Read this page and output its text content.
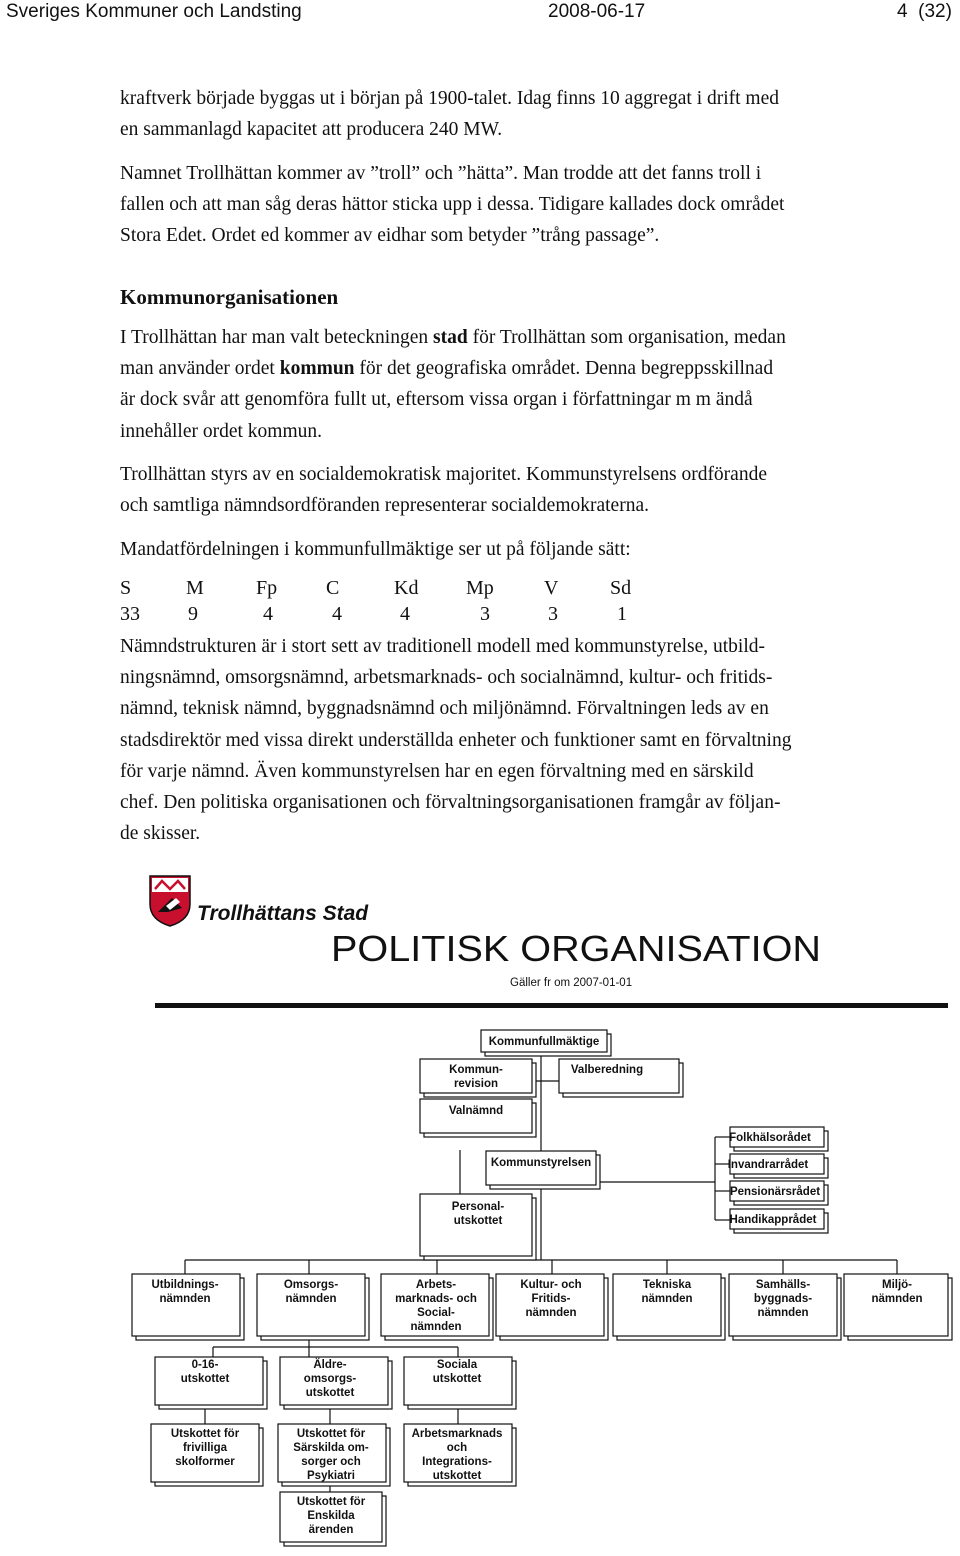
Sveriges Kommuner och Landsting	2008-06-17	4 (32)
kraftverk började byggas ut i början på 1900-talet. Idag finns 10 aggregat i drift med
en sammanlagd kapacitet att producera 240 MW.
Namnet Trollhättan kommer av ”troll” och ”hätta”. Man trodde att det fanns troll i
fallen och att man såg deras hättor sticka upp i dessa. Tidigare kallades dock området
Stora Edet. Ordet ed kommer av eidhar som betyder ”trång passage”.
Kommunorganisationen
I Trollhättan har man valt beteckningen stad för Trollhättan som organisation, medan
man använder ordet kommun för det geografiska området. Denna begreppsskillnad
är dock svår att genomföra fullt ut, eftersom vissa organ i författningar m m ändå
innehåller ordet kommun.
Trollhättan styrs av en socialdemokratisk majoritet. Kommunstyrelsens ordförande
och samtliga nämndsordföranden representerar socialdemokraterna.
Mandatfördelningen i kommunfullmäktige ser ut på följande sätt:
S	M	Fp C	Kd Mp	V	Sd
33 9	4	4	4	3	3	1
Nämndstrukturen är i stort sett av traditionell modell med kommunstyrelse, utbild-
ningsnämnd, omsorgsnämnd, arbetsmarknads- och socialnämnd, kultur- och fritids-
nämnd, teknisk nämnd, byggnadsnämnd och miljönämnd. Förvaltningen leds av en
stadsdirektör med vissa direkt underställda enheter och funktioner samt en förvaltning
för varje nämnd. Även kommunstyrelsen har en egen förvaltning med en särskild
chef. Den politiska organisationen och förvaltningsorganisationen framgår av följan-
de skisser.
Trollhättans Stad
POLITISK ORGANISATION
Gäller fr om 2007-01-01
Kommunfullmäktige
Kommun-
revision
Valberedning
Valnämnd
Kommunstyrelsen
Personal-
utskottet
Folkhälsorådet
Invandrarrådet
Pensionärsrådet
Handikapprådet
Utbildnings-
nämnden
Omsorgs-
nämnden
Arbets-
marknads- och
Social-
nämnden
Kultur- och
Fritids-
nämnden
Tekniska
nämnden
Samhälls-
byggnads-
nämnden
Miljö-
nämnden
0-16-
utskottet
Äldre-
omsorgs-
utskottet
Sociala
utskottet
Utskottet för
frivilliga
skolformer
Utskottet för
Särskilda om-
sorger och
Psykiatri
Arbetsmarknads
och
Integrations-
utskottet
Utskottet för
Enskilda
ärenden
